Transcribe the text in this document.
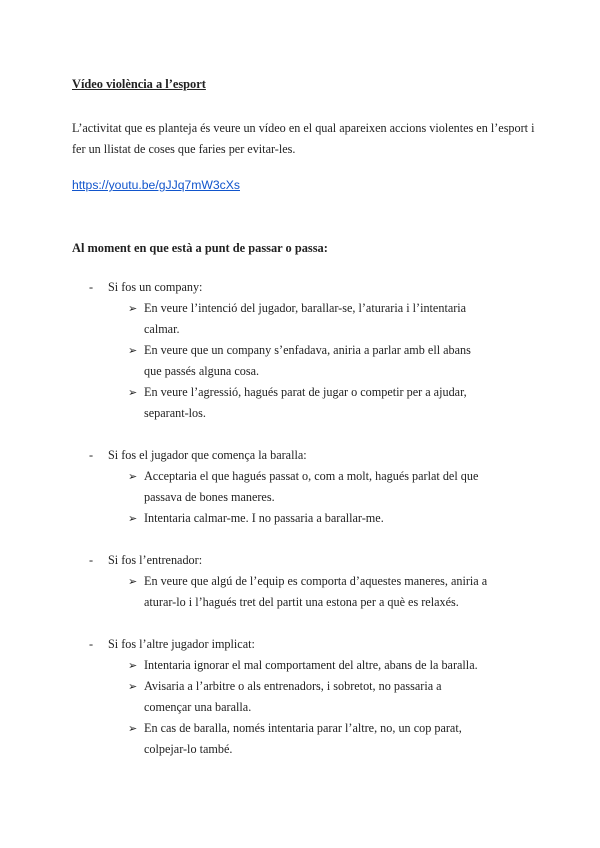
Vídeo violència a l’esport
L’activitat que es planteja és veure un vídeo en el qual apareixen accions violentes en l’esport i fer un llistat de coses que faries per evitar-les.
https://youtu.be/gJJq7mW3cXs
Al moment en que està a punt de passar o passa:
- Si fos un company:
➢ En veure l’intenció del jugador, barallar-se, l’aturaria i l’intentaria calmar.
➢ En veure que un company s’enfadava, aniria a parlar amb ell abans que passés alguna cosa.
➢ En veure l’agressió, hagués parat de jugar o competir per a ajudar, separant-los.
- Si fos el jugador que comença la baralla:
➢ Acceptaria el que hagués passat o, com a molt, hagués parlat del que passava de bones maneres.
➢ Intentaria calmar-me. I no passaria a barallar-me.
- Si fos l’entrenador:
➢ En veure que algú de l’equip es comporta d’aquestes maneres, aniria a aturar-lo i l’hagués tret del partit una estona per a què es relaxés.
- Si fos l’altre jugador implicat:
➢ Intentaria ignorar el mal comportament del altre, abans de la baralla.
➢ Avisaria a l’arbitre o als entrenadors, i sobretot, no passaria a començar una baralla.
➢ En cas de baralla, només intentaria parar l’altre, no, un cop parat, colpejar-lo també.
